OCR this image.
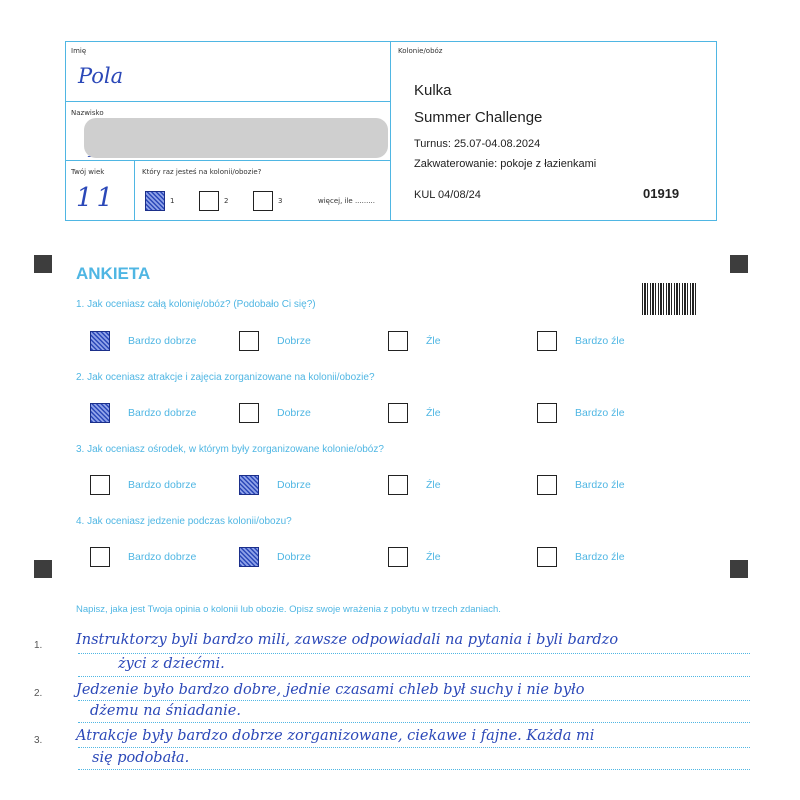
Imię
Pola
Nazwisko
Twój wiek
11
Który raz jesteś na kolonii/obozie?
1	2	3	więcej, ile .........
Kolonie/obóz
Kulka
Summer Challenge
Turnus: 25.07-04.08.2024
Zakwaterowanie: pokoje z łazienkami
KUL 04/08/24	01919
ANKIETA
1. Jak oceniasz całą kolonię/obóz? (Podobało Ci się?)
2. Jak oceniasz atrakcje i zajęcia zorganizowane na kolonii/obozie?
3. Jak oceniasz ośrodek, w którym były zorganizowane kolonie/obóz?
4. Jak oceniasz jedzenie podczas kolonii/obozu?
Bardzo dobrze	Dobrze	Źle	Bardzo źle
Bardzo dobrze	Dobrze	Źle	Bardzo źle
Bardzo dobrze	Dobrze	Źle	Bardzo źle
Bardzo dobrze	Dobrze	Źle	Bardzo źle
Napisz, jaka jest Twoja opinia o kolonii lub obozie. Opisz swoje wrażenia z pobytu w trzech zdaniach.
1. Instruktorzy byli bardzo mili, zawsze odpowiadali na pytania i byli bardzo
życi z dziećmi.
2. Jedzenie było bardzo dobre, jednie czasami chleb był suchy i nie było
dżemu na śniadanie.
3. Atrakcje były bardzo dobrze zorganizowane, ciekawe i fajne. Każda mi
się podobała.
